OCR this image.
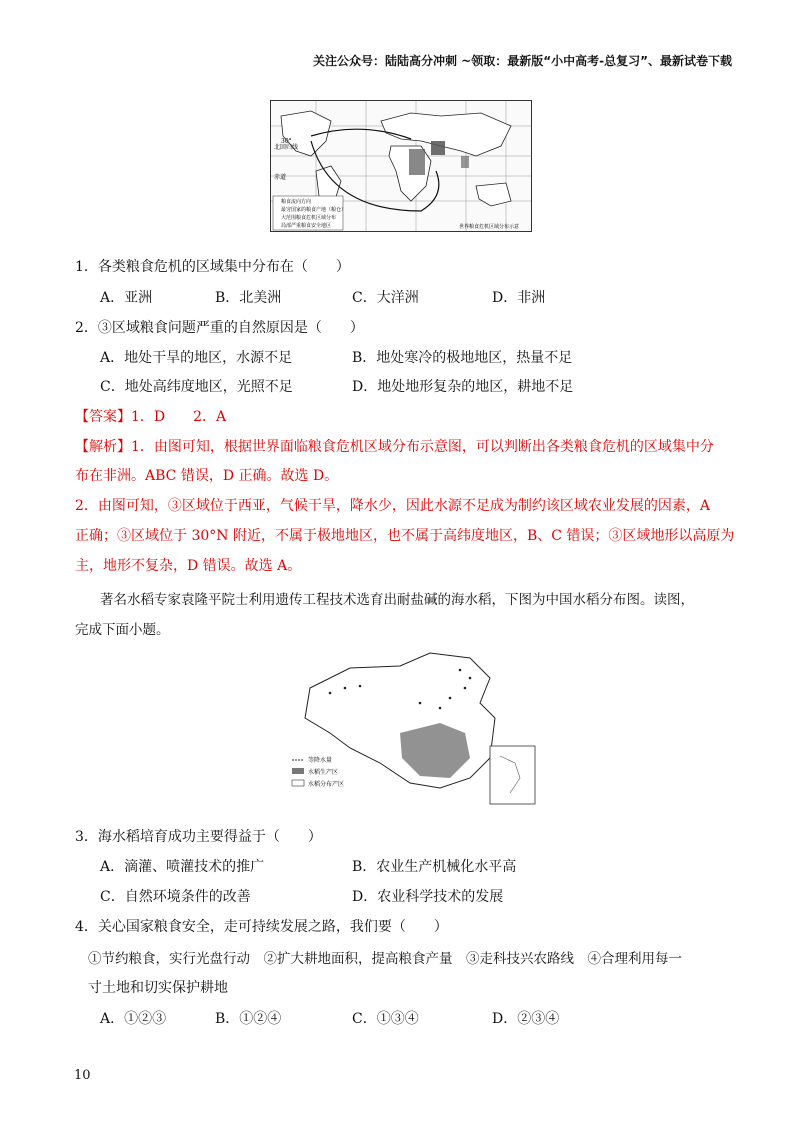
关注公众号：陆陆高分冲刺 ~领取：最新版“小中高考-总复习”、最新试卷下载
北回归线
赤道
30°
粮食流向方向
最穷国家的粮食产地（粮仓）
大范围粮食危机区域分布
局部严重粮食安全地区	世界粮食危机区域分布示意
1．各类粮食危机的区域集中分布在（　　）
A．亚洲	B．北美洲	C．大洋洲	D．非洲
2．③区域粮食问题严重的自然原因是（　　）
A．地处干旱的地区，水源不足	B．地处寒冷的极地地区，热量不足
C．地处高纬度地区，光照不足	D．地处地形复杂的地区，耕地不足
【答案】1．D　　2．A
【解析】1．由图可知，根据世界面临粮食危机区域分布示意图，可以判断出各类粮食危机的区域集中分
布在非洲。ABC 错误，D 正确。故选 D。
2．由图可知，③区域位于西亚，气候干旱，降水少，因此水源不足成为制约该区域农业发展的因素，A
正确；③区域位于 30°N 附近，不属于极地地区，也不属于高纬度地区，B、C 错误；③区域地形以高原为
主，地形不复杂，D 错误。故选 A。
著名水稻专家袁隆平院士利用遗传工程技术选育出耐盐碱的海水稻，下图为中国水稻分布图。读图，
完成下面小题。
等降水量
水稻生产区
水稻分布产区
3．海水稻培育成功主要得益于（　　）
A．滴灌、喷灌技术的推广	B．农业生产机械化水平高
C．自然环境条件的改善	D．农业科学技术的发展
4．关心国家粮食安全，走可持续发展之路，我们要（　　）
①节约粮食，实行光盘行动　②扩大耕地面积，提高粮食产量　③走科技兴农路线　④合理利用每一
寸土地和切实保护耕地
A．①②③	B．①②④	C．①③④	D．②③④
10
